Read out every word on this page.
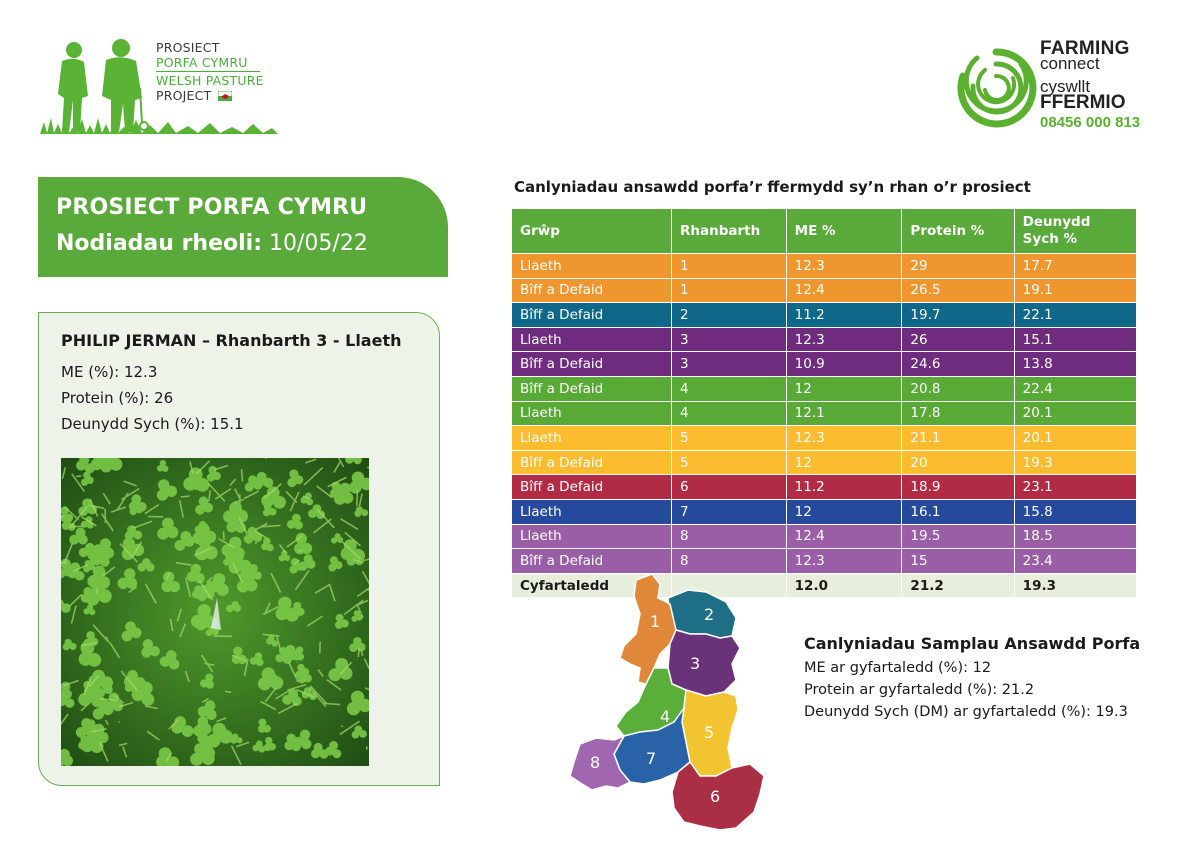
PROSIECT
PORFA CYMRU
WELSH PASTURE
PROJECT
FARMING
connect
cyswllt
FFERMIO
08456 000 813
PROSIECT PORFA CYMRU
Nodiadau rheoli: 10/05/22
PHILIP JERMAN – Rhanbarth 3 - Llaeth
ME (%): 12.3
Protein (%): 26
Deunydd Sych (%): 15.1
Canlyniadau ansawdd porfa’r ffermydd sy’n rhan o’r prosiect
Grŵp	Rhanbarth	ME %	Protein %	Deunydd Sych %
Llaeth	1	12.3	29	17.7
Bîff a Defaid	1	12.4	26.5	19.1
Bîff a Defaid	2	11.2	19.7	22.1
Llaeth	3	12.3	26	15.1
Bîff a Defaid	3	10.9	24.6	13.8
Bîff a Defaid	4	12	20.8	22.4
Llaeth	4	12.1	17.8	20.1
Llaeth	5	12.3	21.1	20.1
Bîff a Defaid	5	12	20	19.3
Bîff a Defaid	6	11.2	18.9	23.1
Llaeth	7	12	16.1	15.8
Llaeth	8	12.4	19.5	18.5
Bîff a Defaid	8	12.3	15	23.4
Cyfartaledd		12.0	21.2	19.3
1	2
3
4
5
6
7
8
Canlyniadau Samplau Ansawdd Porfa
ME ar gyfartaledd (%): 12
Protein ar gyfartaledd (%): 21.2
Deunydd Sych (DM) ar gyfartaledd (%): 19.3
